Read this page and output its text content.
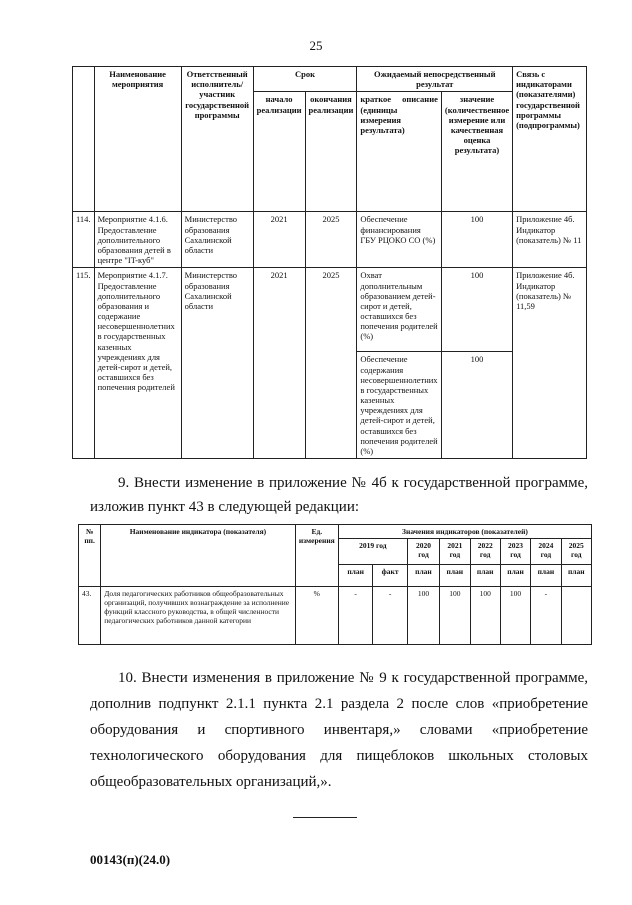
25
	Наименование мероприятия	Ответственный исполнитель/участник государственной программы	Срок		Ожидаемый непосредственный результат		Связь с индикаторами (показателями) государственной программы (подпрограммы)
			начало реализации	окончания реализации	краткое описание (единицы измерения результата)	значение (количественное измерение или качественная оценка результата)	
114.	Мероприятие 4.1.6. Предоставление дополнительного образования детей в центре "IT-куб"	Министерство образования Сахалинской области	2021	2025	Обеспечение финансирования ГБУ РЦОКО СО (%)	100	Приложение 4б. Индикатор (показатель) № 11
115.	Мероприятие 4.1.7. Предоставление дополнительного образования и содержание несовершеннолетних в государственных казенных учреждениях для детей-сирот и детей, оставшихся без попечения родителей	Министерство образования Сахалинской области	2021	2025	Охват дополнительным образованием детей-сирот и детей, оставшихся без попечения родителей (%)	100	Приложение 4б. Индикатор (показатель) № 11,59
					Обеспечение содержания несовершеннолетних в государственных казенных учреждениях для детей-сирот и детей, оставшихся без попечения родителей (%)	100	
9. Внести изменение в приложение № 4б к государственной программе, изложив пункт 43 в следующей редакции:
№ пп.	Наименование индикатора (показателя)	Ед. измерения	Значения индикаторов (показателей)							
			2019 год		2020 год	2021 год	2022 год	2023 год	2024 год	2025 год
			план	факт	план	план	план	план	план	план
43.	Доля педагогических работников общеобразовательных организаций, получивших вознаграждение за исполнение функций классного руководства, в общей численности педагогических работников данной категории	%	-	-	100	100	100	100	-	
10. Внести изменения в приложение № 9 к государственной программе, дополнив подпункт 2.1.1 пункта 2.1 раздела 2 после слов «приобретение оборудования и спортивного инвентаря,» словами «приобретение технологического оборудования для пищеблоков школьных столовых общеобразовательных организаций,».
00143(п)(24.0)
